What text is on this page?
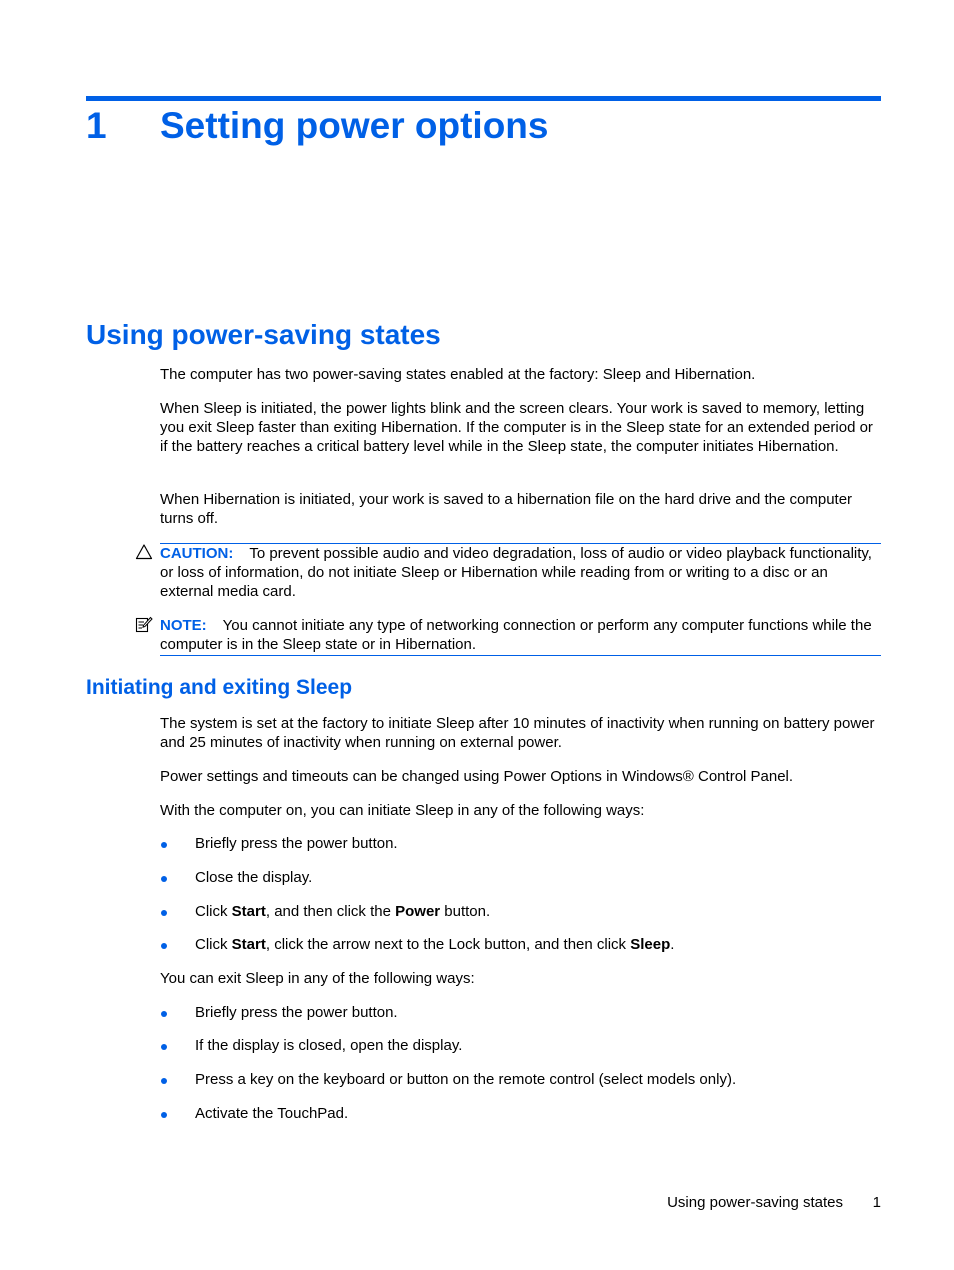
1 Setting power options
Using power-saving states

The computer has two power-saving states enabled at the factory: Sleep and Hibernation.

When Sleep is initiated, the power lights blink and the screen clears. Your work is saved to memory, letting you exit Sleep faster than exiting Hibernation. If the computer is in the Sleep state for an extended period or if the battery reaches a critical battery level while in the Sleep state, the computer initiates Hibernation.

When Hibernation is initiated, your work is saved to a hibernation file on the hard drive and the computer turns off.

CAUTION: To prevent possible audio and video degradation, loss of audio or video playback functionality, or loss of information, do not initiate Sleep or Hibernation while reading from or writing to a disc or an external media card.

NOTE: You cannot initiate any type of networking connection or perform any computer functions while the computer is in the Sleep state or in Hibernation.

Initiating and exiting Sleep

The system is set at the factory to initiate Sleep after 10 minutes of inactivity when running on battery power and 25 minutes of inactivity when running on external power.

Power settings and timeouts can be changed using Power Options in Windows® Control Panel.

With the computer on, you can initiate Sleep in any of the following ways:

Briefly press the power button.

Close the display.

Click Start, and then click the Power button.

Click Start, click the arrow next to the Lock button, and then click Sleep.

You can exit Sleep in any of the following ways:

Briefly press the power button.

If the display is closed, open the display.

Press a key on the keyboard or button on the remote control (select models only).

Activate the TouchPad.

Using power-saving states	1
